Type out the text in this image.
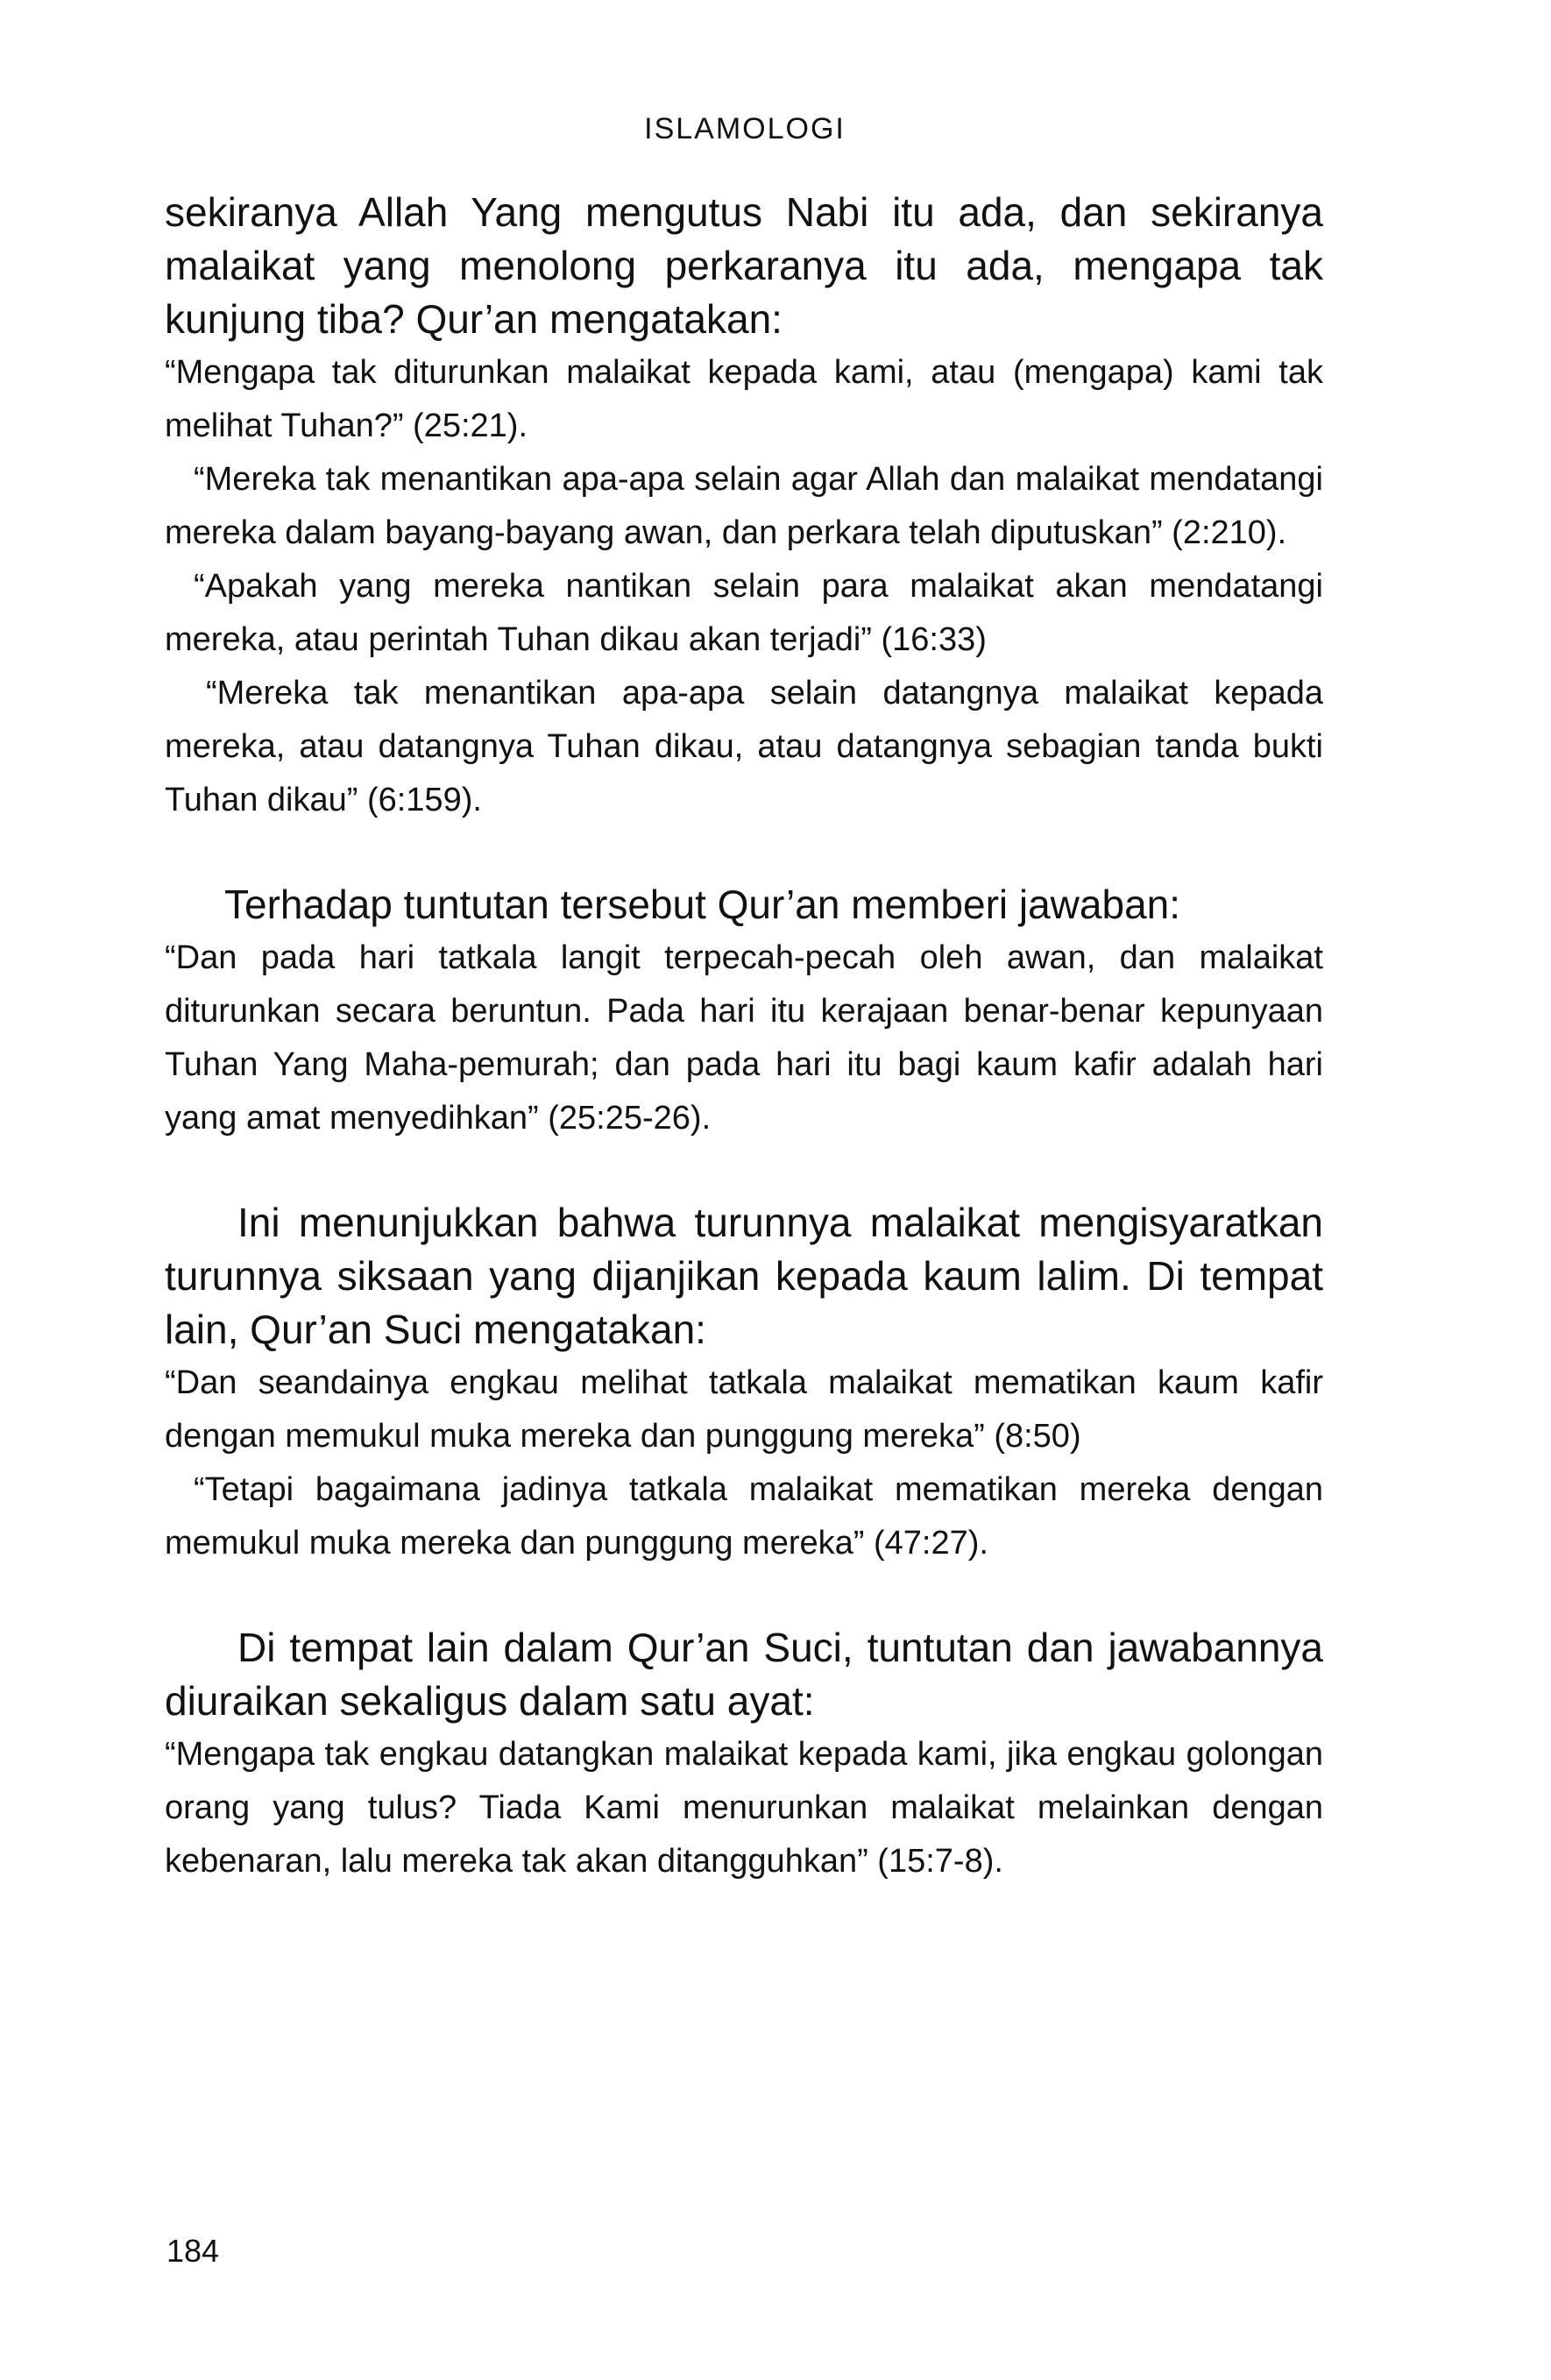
ISLAMOLOGI

sekiranya Allah Yang mengutus Nabi itu ada, dan sekiranya malaikat yang menolong perkaranya itu ada, mengapa tak kunjung tiba? Qur’an mengatakan:

“Mengapa tak diturunkan malaikat kepada kami, atau (mengapa) kami tak melihat Tuhan?” (25:21).

“Mereka tak menantikan apa-apa selain agar Allah dan malaikat mendatangi mereka dalam bayang-bayang awan, dan perkara telah diputuskan” (2:210).

“Apakah yang mereka nantikan selain para malaikat akan mendatangi mereka, atau perintah Tuhan dikau akan terjadi” (16:33)

“Mereka tak menantikan apa-apa selain datangnya malaikat kepada mereka, atau datangnya Tuhan dikau, atau datangnya sebagian tanda bukti Tuhan dikau” (6:159).

Terhadap tuntutan tersebut Qur’an memberi jawaban:

“Dan pada hari tatkala langit terpecah-pecah oleh awan, dan malaikat diturunkan secara beruntun. Pada hari itu kerajaan benar-benar kepunyaan Tuhan Yang Maha-pemurah; dan pada hari itu bagi kaum kafir adalah hari yang amat menyedihkan” (25:25-26).

Ini menunjukkan bahwa turunnya malaikat mengisyaratkan turunnya siksaan yang dijanjikan kepada kaum lalim. Di tempat lain, Qur’an Suci mengatakan:

“Dan seandainya engkau melihat tatkala malaikat mematikan kaum kafir dengan memukul muka mereka dan punggung mereka” (8:50)

“Tetapi bagaimana jadinya tatkala malaikat mematikan mereka dengan memukul muka mereka dan punggung mereka” (47:27).

Di tempat lain dalam Qur’an Suci, tuntutan dan jawabannya diuraikan sekaligus dalam satu ayat:

“Mengapa tak engkau datangkan malaikat kepada kami, jika engkau golongan orang yang tulus? Tiada Kami menurunkan malaikat melainkan dengan kebenaran, lalu mereka tak akan ditangguhkan” (15:7-8).

184
